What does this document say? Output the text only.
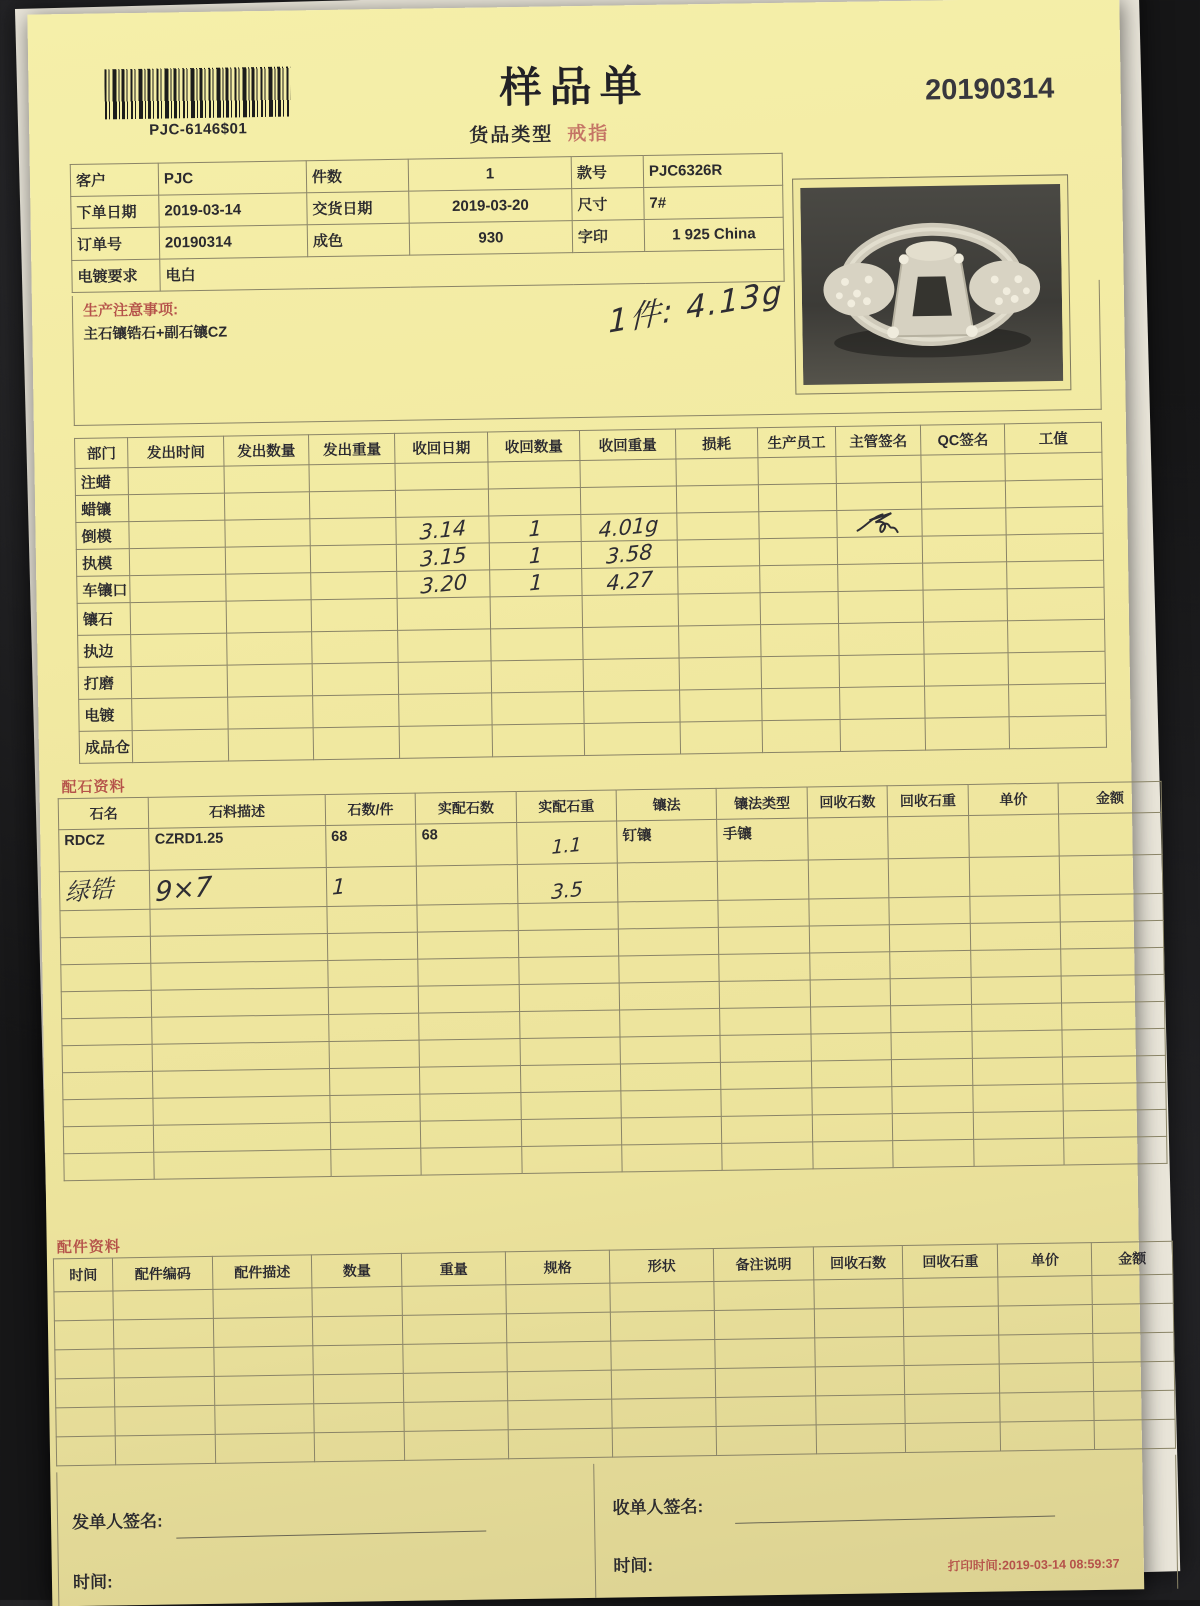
PJC-6146$01
样品单	20190314
货品类型 戒指
客户	PJC	件数	1	款号	PJC6326R
下单日期	2019-03-14	交货日期	2019-03-20	尺寸	7#
订单号	20190314	成色	930	字印	1 925 China
电镀要求	电白				
生产注意事项:
主石镶锆石+副石镶CZ	1件: 4.13g
部门	发出时间	发出数量	发出重量	收回日期	收回数量	收回重量	损耗	生产员工	主管签名	QC签名	工值
注蜡											
蜡镶											
倒模				3.14	1	4.01g			

执模				3.15	1	3.58					
车镶口				3.20	1	4.27					
镶石											
执边											
打磨											
电镀											
成品仓											
配石资料
石名	石料描述	石数/件	实配石数	实配石重	镶法	镶法类型	回收石数	回收石重	单价	金额
RDCZ	CZRD1.25	68	68	1.1	钉镶	手镶				
绿锆	9×7	1		3.5						

配件资料
时间	配件编码	配件描述	数量	重量	规格	形状	备注说明	回收石数	回收石重	单价	金额

发单人签名:
时间:
收单人签名:
时间:	打印时间:2019-03-14 08:59:37
